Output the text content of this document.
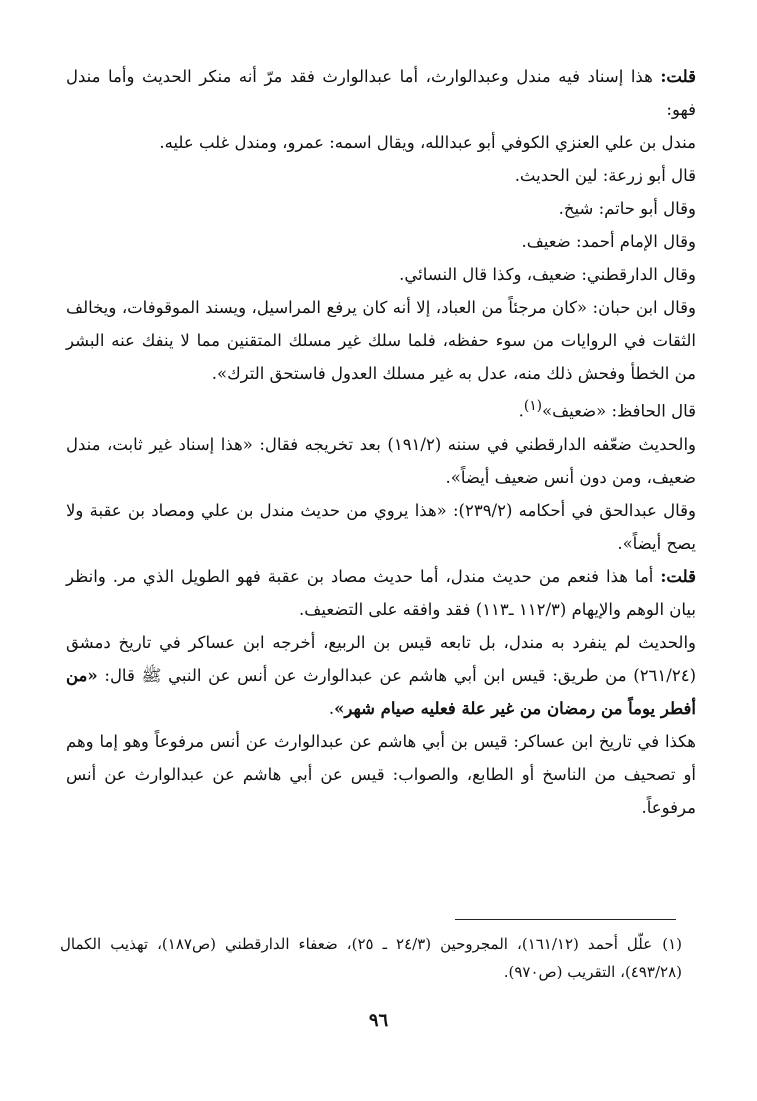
قلت: هذا إسناد فيه مندل وعبدالوارث، أما عبدالوارث فقد مرّ أنه منكر الحديث وأما مندل فهو:

مندل بن علي العنزي الكوفي أبو عبدالله، ويقال اسمه: عمرو، ومندل غلب عليه.

قال أبو زرعة: لين الحديث.

وقال أبو حاتم: شيخ.

وقال الإمام أحمد: ضعيف.

وقال الدارقطني: ضعيف، وكذا قال النسائي.

وقال ابن حبان: «كان مرجئاً من العباد، إلا أنه كان يرفع المراسيل، ويسند الموقوفات، ويخالف الثقات في الروايات من سوء حفظه، فلما سلك غير مسلك المتقنين مما لا ينفك عنه البشر من الخطأ وفحش ذلك منه، عدل به غير مسلك العدول فاستحق الترك».

قال الحافظ: «ضعيف»$^{(١)}$.

والحديث ضعّفه الدارقطني في سننه (١٩١/٢) بعد تخريجه فقال: «هذا إسناد غير ثابت، مندل ضعيف، ومن دون أنس ضعيف أيضاً».

وقال عبدالحق في أحكامه (٢٣٩/٢): «هذا يروي من حديث مندل بن علي ومصاد بن عقبة ولا يصح أيضاً».

قلت: أما هذا فنعم من حديث مندل، أما حديث مصاد بن عقبة فهو الطويل الذي مر. وانظر بيان الوهم والإيهام (١١٢/٣ ـ١١٣) فقد وافقه على التضعيف.

والحديث لم ينفرد به مندل، بل تابعه قيس بن الربيع، أخرجه ابن عساكر في تاريخ دمشق (٢٦١/٢٤) من طريق: قيس ابن أبي هاشم عن عبدالوارث عن أنس عن النبي ﷺ قال: «من أفطر يوماً من رمضان من غير علة فعليه صيام شهر».

هكذا في تاريخ ابن عساكر: قيس بن أبي هاشم عن عبدالوارث عن أنس مرفوعاً وهو إما وهم أو تصحيف من الناسخ أو الطابع، والصواب: قيس عن أبي هاشم عن عبدالوارث عن أنس مرفوعاً.

(١)علّل أحمد (١٦١/١٢)، المجروحين (٢٤/٣ ـ ٢٥)، ضعفاء الدارقطني (ص١٨٧)، تهذيب الكمال (٤٩٣/٢٨)، التقريب (ص٩٧٠).
٩٦
